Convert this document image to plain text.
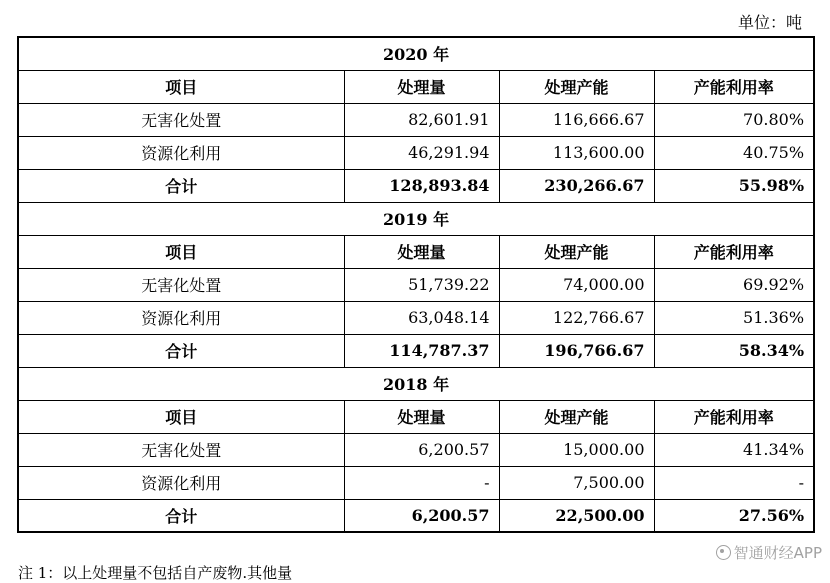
单位：吨
2020 年			
项目	处理量	处理产能	产能利用率
无害化处置	82,601.91	116,666.67	70.80%
资源化利用	46,291.94	113,600.00	40.75%
合计	128,893.84	230,266.67	55.98%
2019 年			
项目	处理量	处理产能	产能利用率
无害化处置	51,739.22	74,000.00	69.92%
资源化利用	63,048.14	122,766.67	51.36%
合计	114,787.37	196,766.67	58.34%
2018 年			
项目	处理量	处理产能	产能利用率
无害化处置	6,200.57	15,000.00	41.34%
资源化利用	-	7,500.00	-
合计	6,200.57	22,500.00	27.56%
注 1：以上处理量不包括自产废物.其他量
智通财经APP
